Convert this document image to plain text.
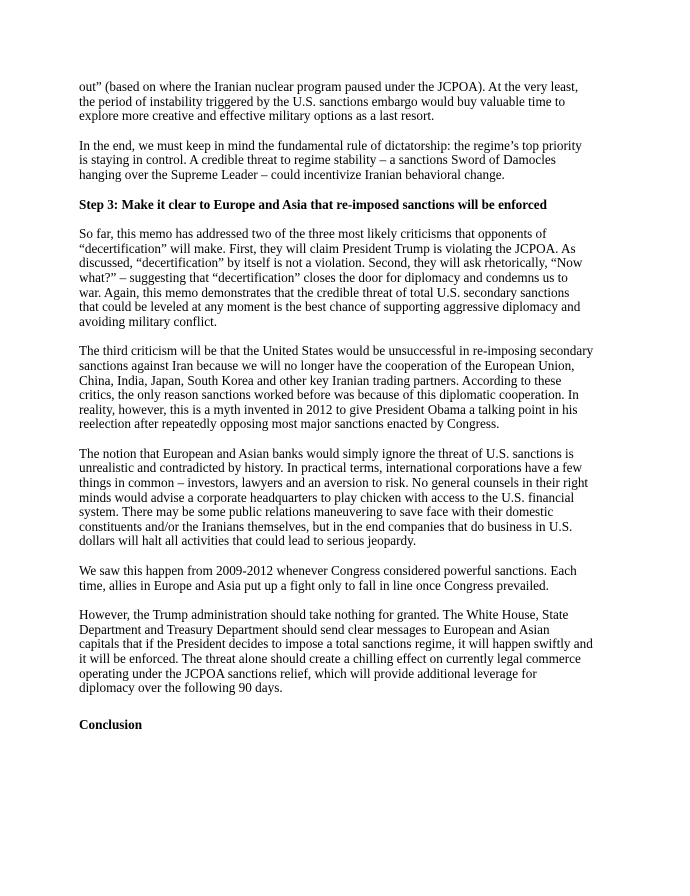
out” (based on where the Iranian nuclear program paused under the JCPOA). At the very least,
the period of instability triggered by the U.S. sanctions embargo would buy valuable time to
explore more creative and effective military options as a last resort.
In the end, we must keep in mind the fundamental rule of dictatorship: the regime’s top priority
is staying in control. A credible threat to regime stability – a sanctions Sword of Damocles
hanging over the Supreme Leader – could incentivize Iranian behavioral change.
Step 3: Make it clear to Europe and Asia that re-imposed sanctions will be enforced
So far, this memo has addressed two of the three most likely criticisms that opponents of
“decertification” will make. First, they will claim President Trump is violating the JCPOA. As
discussed, “decertification” by itself is not a violation. Second, they will ask rhetorically, “Now
what?” – suggesting that “decertification” closes the door for diplomacy and condemns us to
war. Again, this memo demonstrates that the credible threat of total U.S. secondary sanctions
that could be leveled at any moment is the best chance of supporting aggressive diplomacy and
avoiding military conflict.
The third criticism will be that the United States would be unsuccessful in re-imposing secondary
sanctions against Iran because we will no longer have the cooperation of the European Union,
China, India, Japan, South Korea and other key Iranian trading partners. According to these
critics, the only reason sanctions worked before was because of this diplomatic cooperation. In
reality, however, this is a myth invented in 2012 to give President Obama a talking point in his
reelection after repeatedly opposing most major sanctions enacted by Congress.
The notion that European and Asian banks would simply ignore the threat of U.S. sanctions is
unrealistic and contradicted by history. In practical terms, international corporations have a few
things in common – investors, lawyers and an aversion to risk. No general counsels in their right
minds would advise a corporate headquarters to play chicken with access to the U.S. financial
system. There may be some public relations maneuvering to save face with their domestic
constituents and/or the Iranians themselves, but in the end companies that do business in U.S.
dollars will halt all activities that could lead to serious jeopardy.
We saw this happen from 2009-2012 whenever Congress considered powerful sanctions. Each
time, allies in Europe and Asia put up a fight only to fall in line once Congress prevailed.
However, the Trump administration should take nothing for granted. The White House, State
Department and Treasury Department should send clear messages to European and Asian
capitals that if the President decides to impose a total sanctions regime, it will happen swiftly and
it will be enforced. The threat alone should create a chilling effect on currently legal commerce
operating under the JCPOA sanctions relief, which will provide additional leverage for
diplomacy over the following 90 days.
Conclusion
